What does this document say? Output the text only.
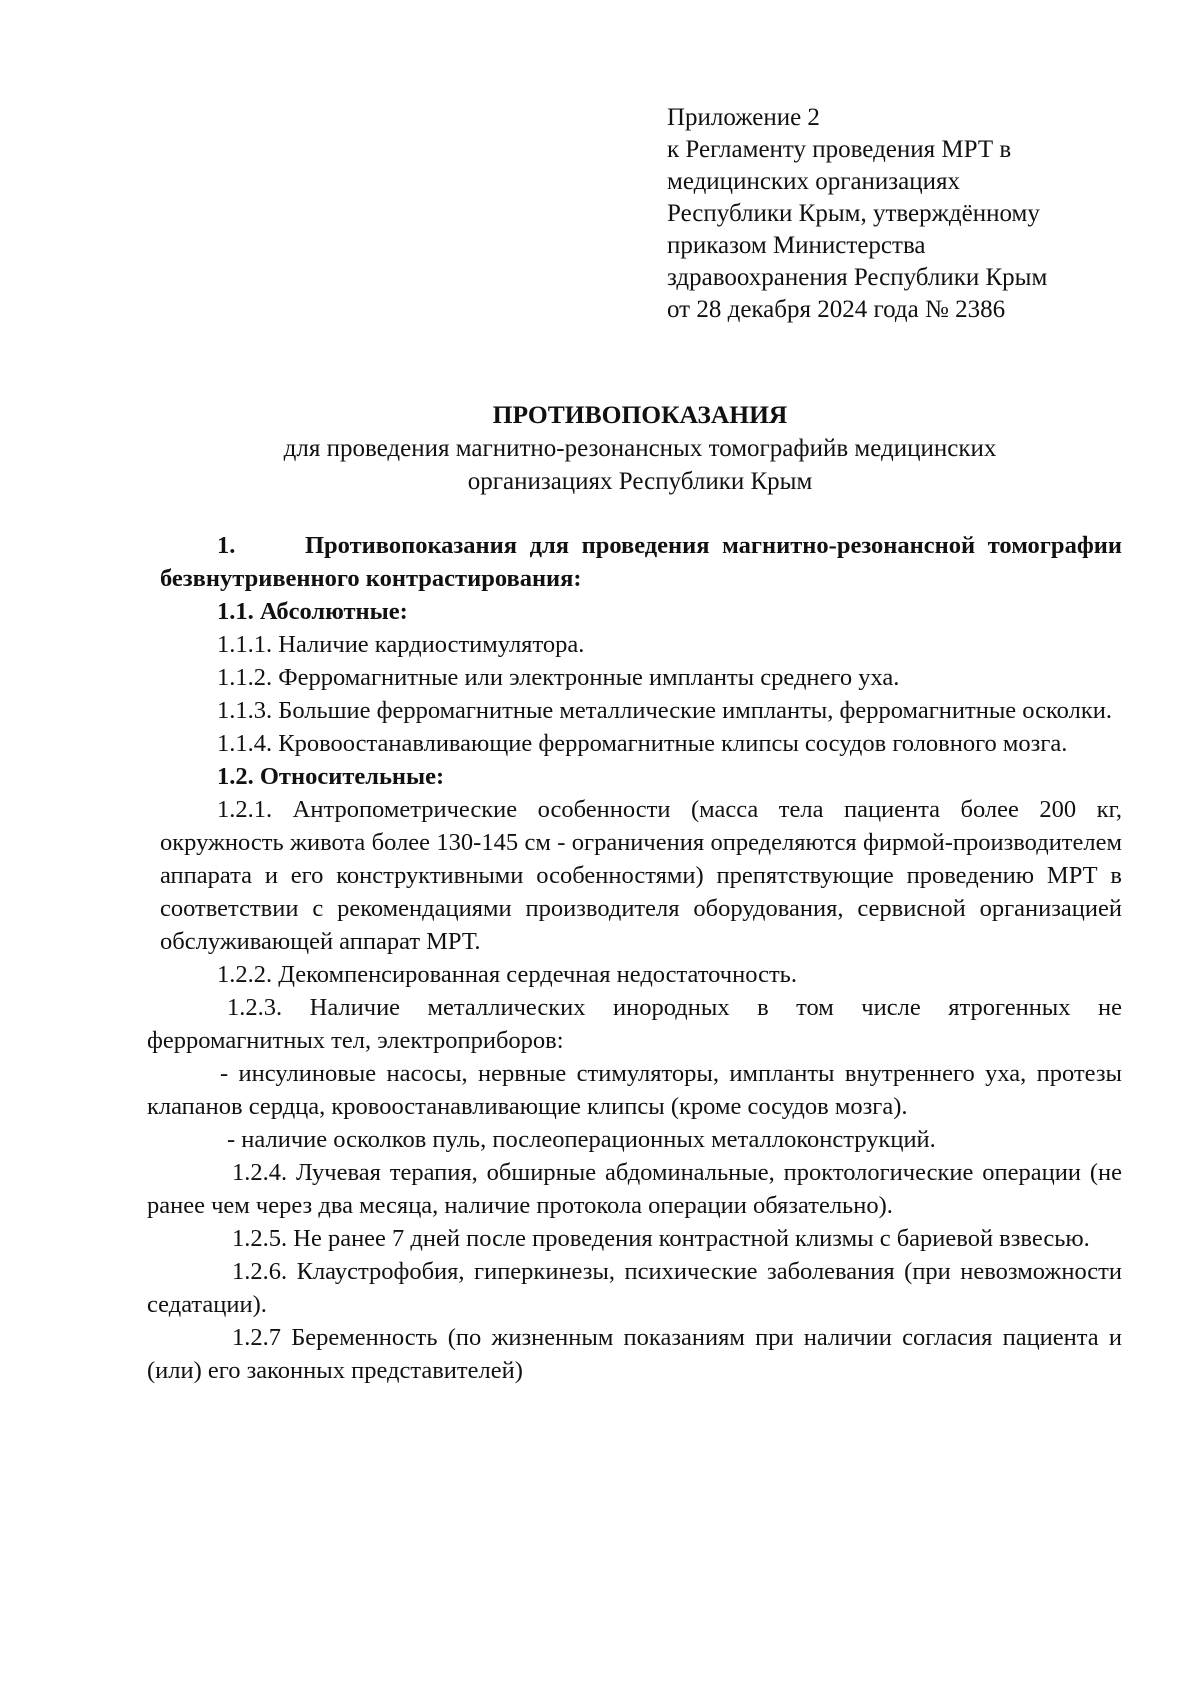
Приложение 2
к Регламенту проведения МРТ в
медицинских организациях
Республики Крым, утверждённому
приказом Министерства
здравоохранения Республики Крым
от 28 декабря 2024 года № 2386
ПРОТИВОПОКАЗАНИЯ
для проведения магнитно-резонансных томографийв медицинских
организациях Республики Крым

1.	Противопоказания для проведения магнитно-резонансной томографии безвнутривенного контрастирования:

1.1. Абсолютные:

1.1.1. Наличие кардиостимулятора.

1.1.2. Ферромагнитные или электронные импланты среднего уха.

1.1.3. Большие ферромагнитные металлические импланты, ферромагнитные осколки.

1.1.4. Кровоостанавливающие ферромагнитные клипсы сосудов головного мозга.

1.2. Относительные:

1.2.1. Антропометрические особенности (масса тела пациента более 200 кг, окружность живота более 130-145 см - ограничения определяются фирмой-производителем аппарата и его конструктивными особенностями) препятствующие проведению МРТ в соответствии с рекомендациями производителя оборудования, сервисной организацией обслуживающей аппарат МРТ.

1.2.2. Декомпенсированная сердечная недостаточность.

1.2.3. Наличие металлических инородных в том числе ятрогенных не ферромагнитных тел, электроприборов:

- инсулиновые насосы, нервные стимуляторы, импланты внутреннего уха, протезы клапанов сердца, кровоостанавливающие клипсы (кроме сосудов мозга).

- наличие осколков пуль, послеоперационных металлоконструкций.

1.2.4. Лучевая терапия, обширные абдоминальные, проктологические операции (не ранее чем через два месяца, наличие протокола операции обязательно).

1.2.5. Не ранее 7 дней после проведения контрастной клизмы с бариевой взвесью.

1.2.6. Клаустрофобия, гиперкинезы, психические заболевания (при невозможности седатации).

1.2.7 Беременность (по жизненным показаниям при наличии согласия пациента и (или) его законных представителей)
